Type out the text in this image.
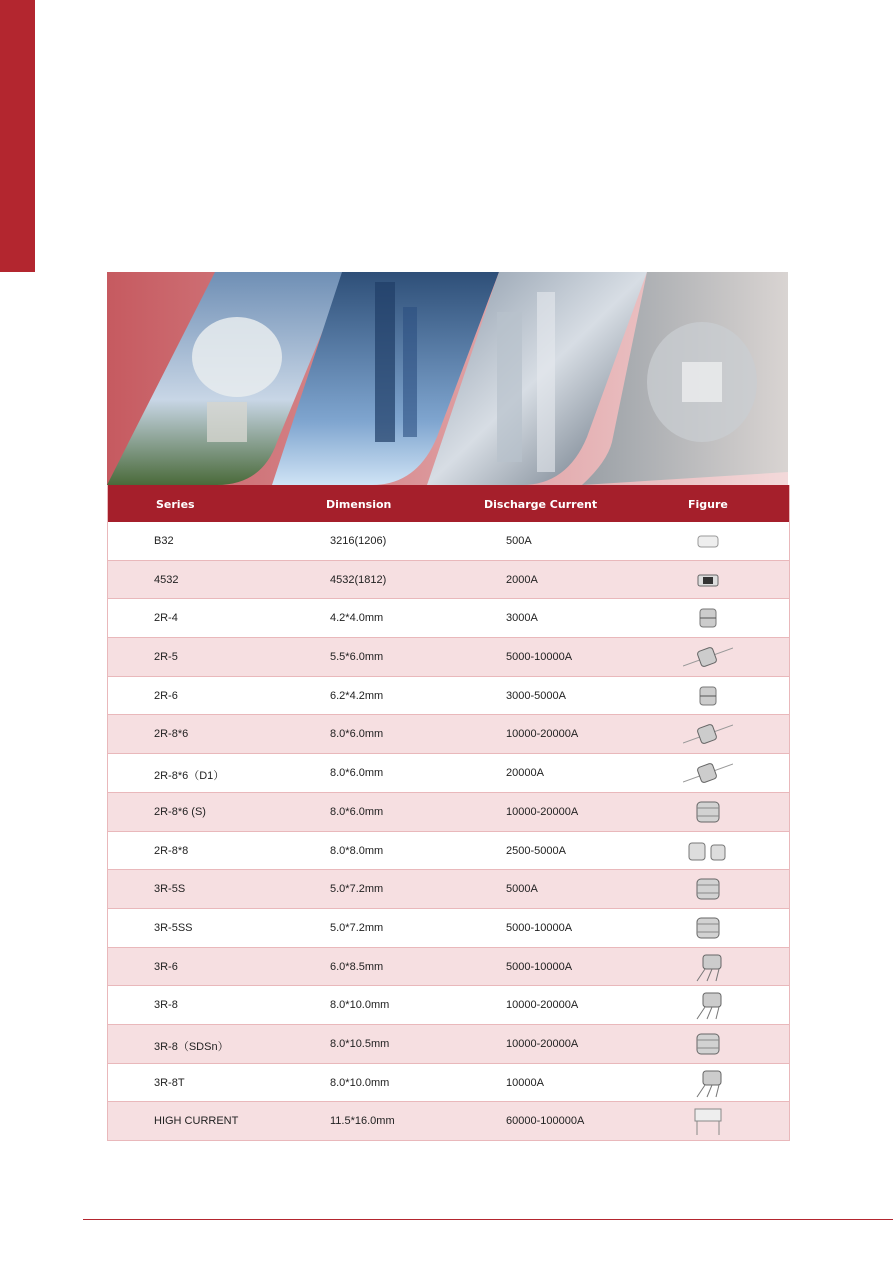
Series	Dimension	Discharge Current	Figure
B32	3216(1206)	500A
4532	4532(1812)	2000A
2R-4	4.2*4.0mm	3000A
2R-5	5.5*6.0mm	5000-10000A
2R-6	6.2*4.2mm	3000-5000A
2R-8*6	8.0*6.0mm	10000-20000A
2R-8*6（D1）	8.0*6.0mm	20000A
2R-8*6 (S)	8.0*6.0mm	10000-20000A
2R-8*8	8.0*8.0mm	2500-5000A
3R-5S	5.0*7.2mm	5000A
3R-5SS	5.0*7.2mm	5000-10000A
3R-6	6.0*8.5mm	5000-10000A
3R-8	8.0*10.0mm	10000-20000A
3R-8（SDSn）	8.0*10.5mm	10000-20000A
3R-8T	8.0*10.0mm	10000A
HIGH CURRENT	11.5*16.0mm	60000-100000A
